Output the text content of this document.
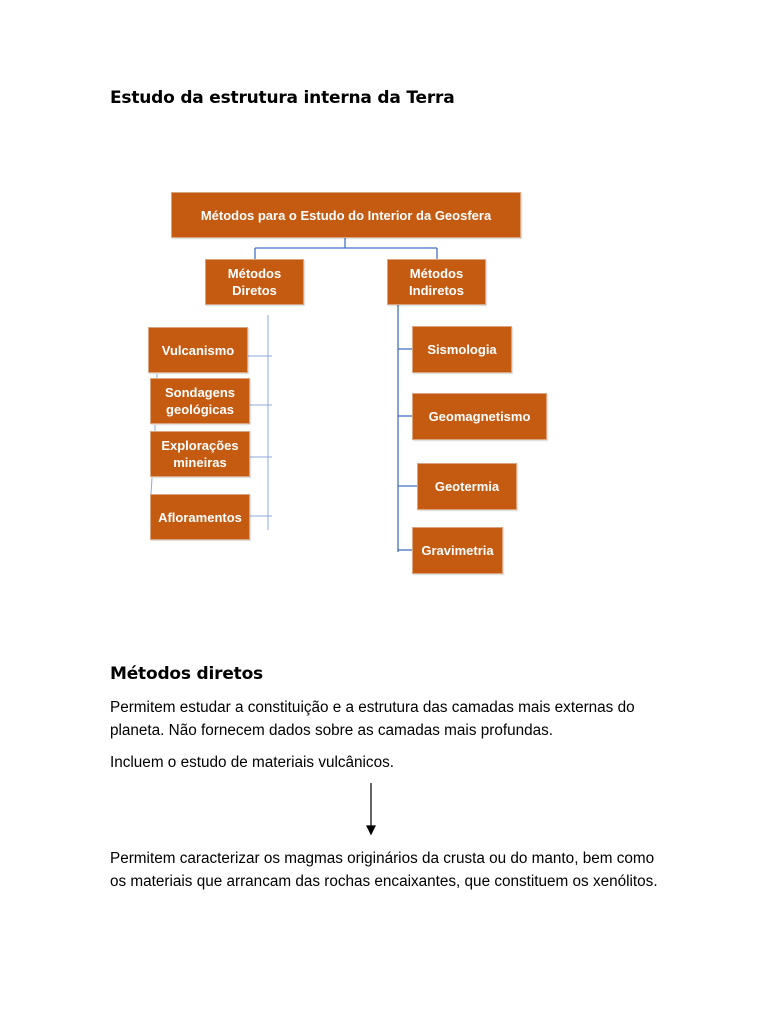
Estudo da estrutura interna da Terra
Métodos para o Estudo do Interior da Geosfera
Métodos Diretos
Métodos Indiretos
Vulcanismo
Sondagens geológicas
Explorações mineiras
Afloramentos
Sismologia
Geomagnetismo
Geotermia
Gravimetria
Métodos diretos

Permitem estudar a constituição e a estrutura das camadas mais externas do planeta. Não fornecem dados sobre as camadas mais profundas.

Incluem o estudo de materiais vulcânicos.

Permitem caracterizar os magmas originários da crusta ou do manto, bem como os materiais que arrancam das rochas encaixantes, que constituem os xenólitos.
